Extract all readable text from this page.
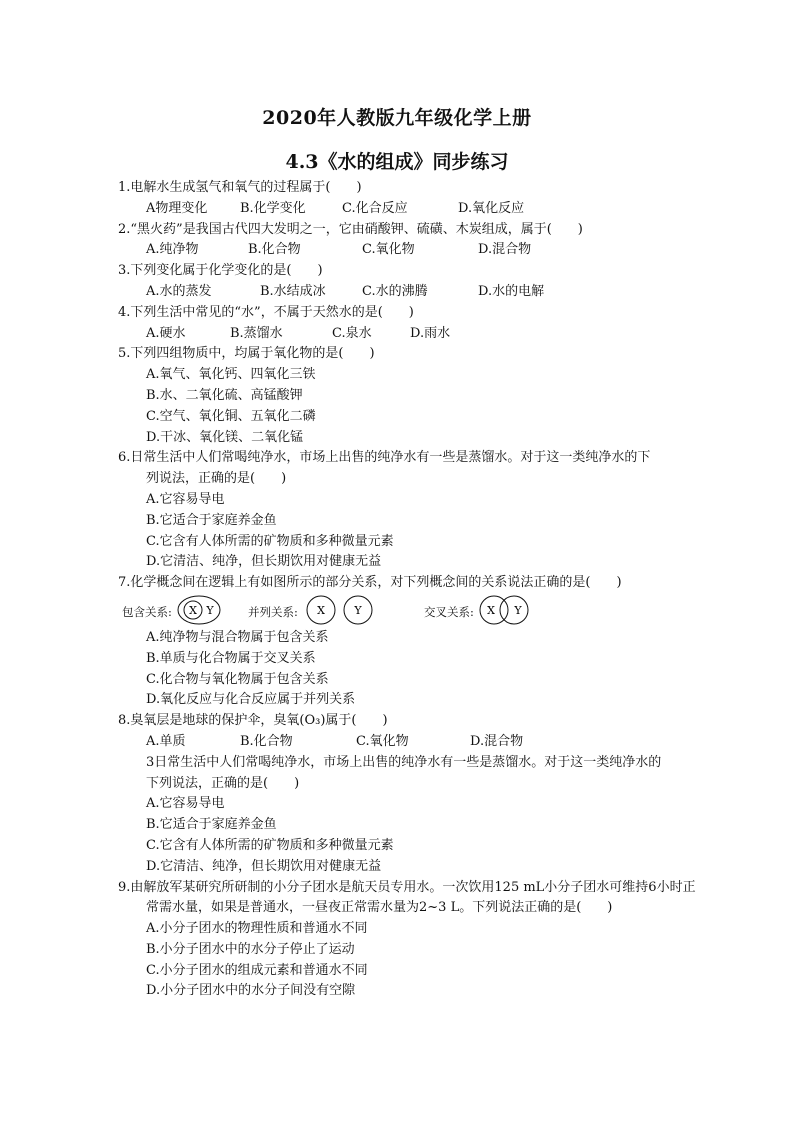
2020年人教版九年级化学上册
4.3《水的组成》同步练习
1.电解水生成氢气和氧气的过程属于(　　)
A物理变化	B.化学变化	C.化合反应	D.氧化反应
2.“黑火药”是我国古代四大发明之一，它由硝酸钾、硫磺、木炭组成，属于(　　)
A.纯净物	B.化合物	C.氧化物	D.混合物
3.下列变化属于化学变化的是(　　)
A.水的蒸发	B.水结成冰	C.水的沸腾	D.水的电解
4.下列生活中常见的“水”，不属于天然水的是(　　)
A.硬水	B.蒸馏水	C.泉水	D.雨水
5.下列四组物质中，均属于氧化物的是(　　)
A.氧气、氧化钙、四氧化三铁
B.水、二氧化硫、高锰酸钾
C.空气、氧化铜、五氧化二磷
D.干冰、氧化镁、二氧化锰
6.日常生活中人们常喝纯净水，市场上出售的纯净水有一些是蒸馏水。对于这一类纯净水的下
列说法，正确的是(　　)
A.它容易导电
B.它适合于家庭养金鱼
C.它含有人体所需的矿物质和多种微量元素
D.它清洁、纯净，但长期饮用对健康无益
7.化学概念间在逻辑上有如图所示的部分关系，对下列概念间的关系说法正确的是(　　)
包含关系: X Y	并列关系: X	Y	交叉关系: X Y
A.纯净物与混合物属于包含关系
B.单质与化合物属于交叉关系
C.化合物与氧化物属于包含关系
D.氧化反应与化合反应属于并列关系
8.臭氧层是地球的保护伞，臭氧(O₃)属于(　　)
A.单质	B.化合物	C.氧化物	D.混合物
3日常生活中人们常喝纯净水，市场上出售的纯净水有一些是蒸馏水。对于这一类纯净水的
下列说法，正确的是(　　)
A.它容易导电
B.它适合于家庭养金鱼
C.它含有人体所需的矿物质和多种微量元素
D.它清洁、纯净，但长期饮用对健康无益
9.由解放军某研究所研制的小分子团水是航天员专用水。一次饮用125 mL小分子团水可维持6小时正
常需水量，如果是普通水，一昼夜正常需水量为2~3 L。下列说法正确的是(　　)
A.小分子团水的物理性质和普通水不同
B.小分子团水中的水分子停止了运动
C.小分子团水的组成元素和普通水不同
D.小分子团水中的水分子间没有空隙
